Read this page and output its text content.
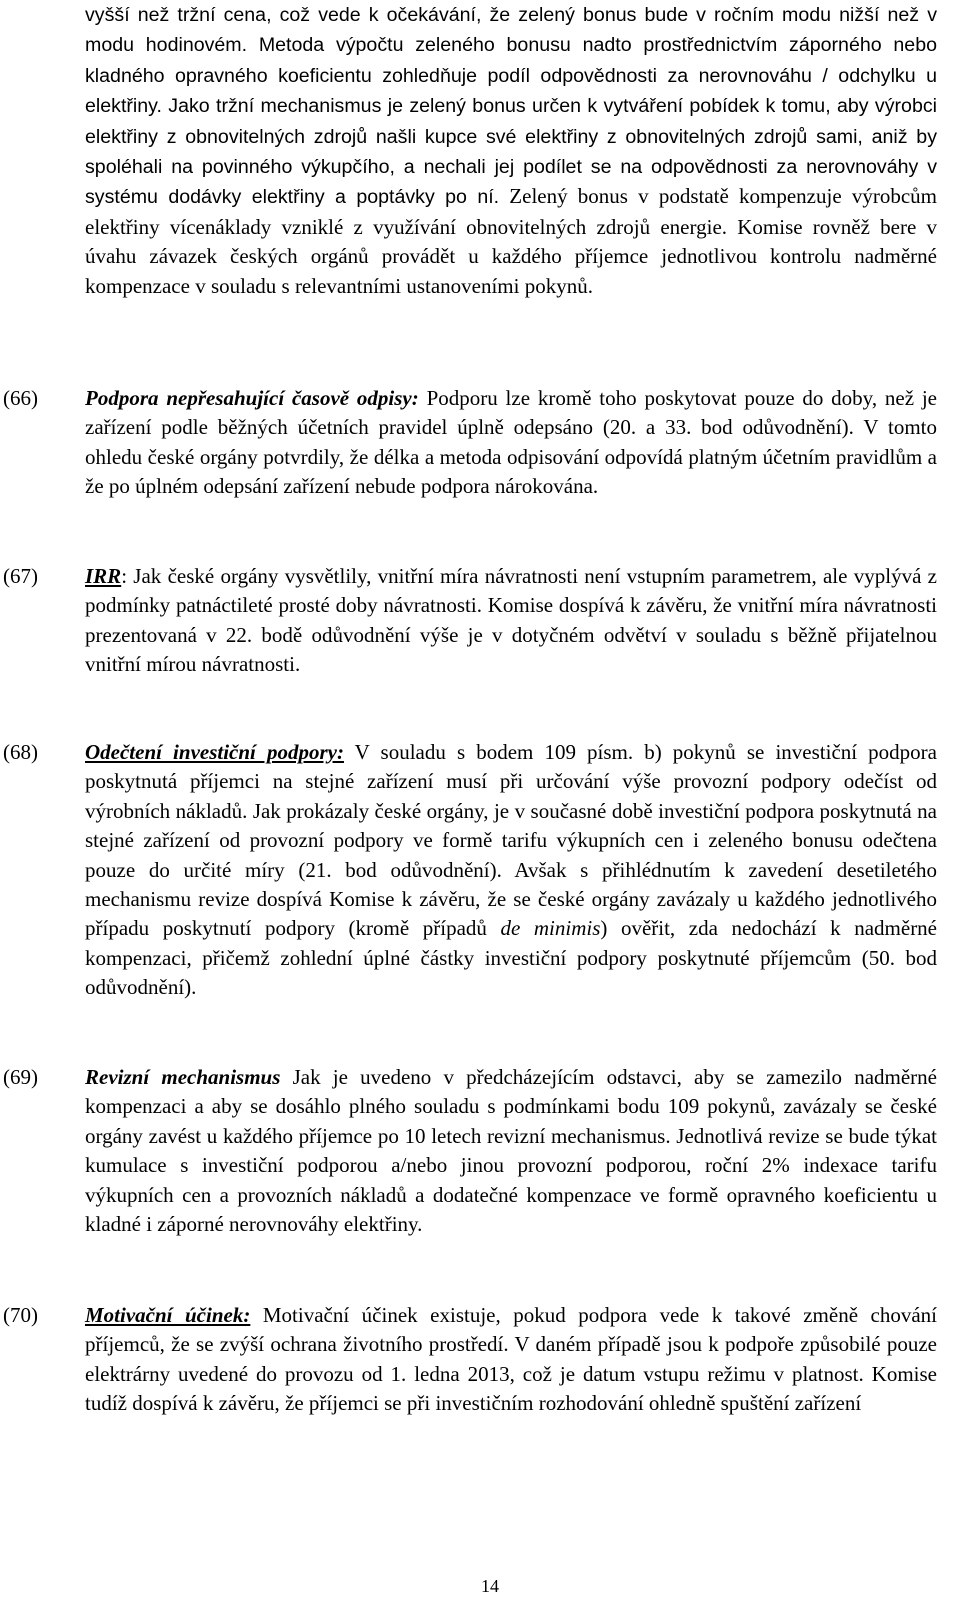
vyšší než tržní cena, což vede k očekávání, že zelený bonus bude v ročním modu nižší než v modu hodinovém. Metoda výpočtu zeleného bonusu nadto prostřednictvím záporného nebo kladného opravného koeficientu zohledňuje podíl odpovědnosti za nerovnováhu / odchylku u elektřiny. Jako tržní mechanismus je zelený bonus určen k vytváření pobídek k tomu, aby výrobci elektřiny z obnovitelných zdrojů našli kupce své elektřiny z obnovitelných zdrojů sami, aniž by spoléhali na povinného výkupčího, a nechali jej podílet se na odpovědnosti za nerovnováhy v systému dodávky elektřiny a poptávky po ní. Zelený bonus v podstatě kompenzuje výrobcům elektřiny vícenáklady vzniklé z využívání obnovitelných zdrojů energie. Komise rovněž bere v úvahu závazek českých orgánů provádět u každého příjemce jednotlivou kontrolu nadměrné kompenzace v souladu s relevantními ustanoveními pokynů.

(66) Podpora nepřesahující časově odpisy: Podporu lze kromě toho poskytovat pouze do doby, než je zařízení podle běžných účetních pravidel úplně odepsáno (20. a 33. bod odůvodnění). V tomto ohledu české orgány potvrdily, že délka a metoda odpisování odpovídá platným účetním pravidlům a že po úplném odepsání zařízení nebude podpora nárokována.

(67) IRR: Jak české orgány vysvětlily, vnitřní míra návratnosti není vstupním parametrem, ale vyplývá z podmínky patnáctileté prosté doby návratnosti. Komise dospívá k závěru, že vnitřní míra návratnosti prezentovaná v 22. bodě odůvodnění výše je v dotyčném odvětví v souladu s běžně přijatelnou vnitřní mírou návratnosti.

(68) Odečtení investiční podpory: V souladu s bodem 109 písm. b) pokynů se investiční podpora poskytnutá příjemci na stejné zařízení musí při určování výše provozní podpory odečíst od výrobních nákladů. Jak prokázaly české orgány, je v současné době investiční podpora poskytnutá na stejné zařízení od provozní podpory ve formě tarifu výkupních cen i zeleného bonusu odečtena pouze do určité míry (21. bod odůvodnění). Avšak s přihlédnutím k zavedení desetiletého mechanismu revize dospívá Komise k závěru, že se české orgány zavázaly u každého jednotlivého případu poskytnutí podpory (kromě případů de minimis) ověřit, zda nedochází k nadměrné kompenzaci, přičemž zohlední úplné částky investiční podpory poskytnuté příjemcům (50. bod odůvodnění).

(69) Revizní mechanismus Jak je uvedeno v předcházejícím odstavci, aby se zamezilo nadměrné kompenzaci a aby se dosáhlo plného souladu s podmínkami bodu 109 pokynů, zavázaly se české orgány zavést u každého příjemce po 10 letech revizní mechanismus. Jednotlivá revize se bude týkat kumulace s investiční podporou a/nebo jinou provozní podporou, roční 2% indexace tarifu výkupních cen a provozních nákladů a dodatečné kompenzace ve formě opravného koeficientu u kladné i záporné nerovnováhy elektřiny.

(70) Motivační účinek: Motivační účinek existuje, pokud podpora vede k takové změně chování příjemců, že se zvýší ochrana životního prostředí. V daném případě jsou k podpoře způsobilé pouze elektrárny uvedené do provozu od 1. ledna 2013, což je datum vstupu režimu v platnost. Komise tudíž dospívá k závěru, že příjemci se při investičním rozhodování ohledně spuštění zařízení

14
